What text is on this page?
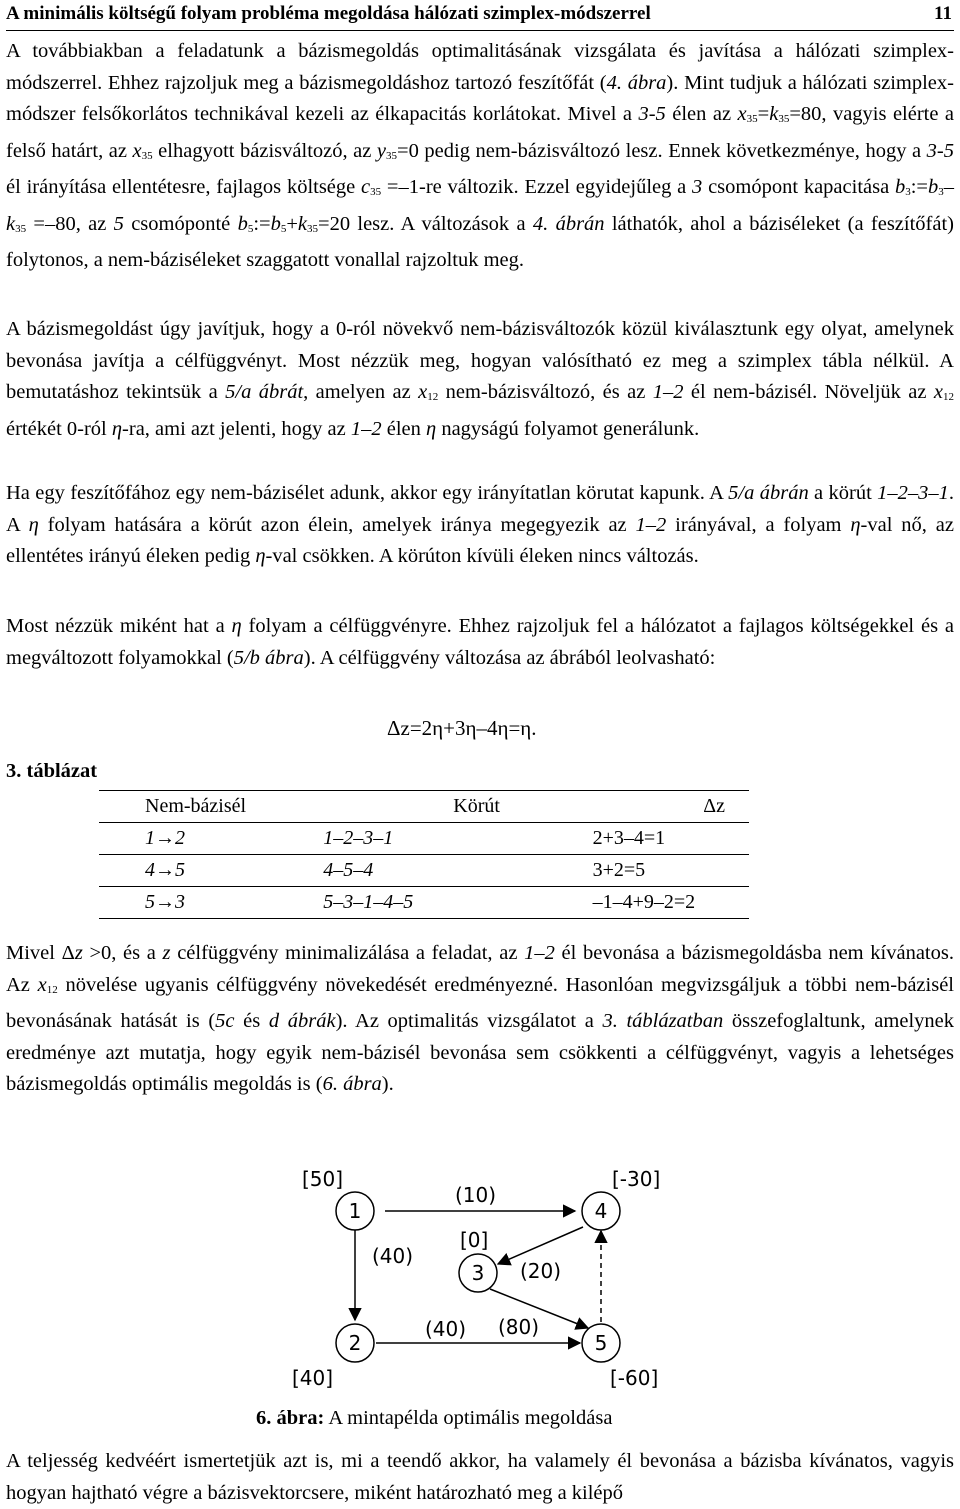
A minimális költségű folyam probléma megoldása hálózati szimplex-módszerrel	11

A továbbiakban a feladatunk a bázismegoldás optimalitásának vizsgálata és javítása a hálózati szimplex-módszerrel. Ehhez rajzoljuk meg a bázismegoldáshoz tartozó feszítőfát (4. ábra). Mint tudjuk a hálózati szimplex-módszer felsőkorlátos technikával kezeli az élkapacitás korlátokat. Mivel a 3-5 élen az $x_{35}=k_{35}=80$, vagyis elérte a felső határt, az $x_{35}$ elhagyott bázisváltozó, az $y_{35}=0$ pedig nem-bázisváltozó lesz. Ennek következménye, hogy a 3-5 él irányítása ellentétesre, fajlagos költsége $c_{35} =-1-re$ változik. Ezzel egyidejűleg a 3 csomópont kapacitása $b_3:=b_3-k_{35} =-80$, az 5 csomóponté $b_5:=b_5+k_{35}=20$ lesz. A változások a 4. ábrán láthatók, ahol a báziséleket (a feszítőfát) folytonos, a nem-báziséleket szaggatott vonallal rajzoltuk meg.

A bázismegoldást úgy javítjuk, hogy a 0-ról növekvő nem-bázisváltozók közül kiválasztunk egy olyat, amelynek bevonása javítja a célfüggvényt. Most nézzük meg, hogyan valósítható ez meg a szimplex tábla nélkül. A bemutatáshoz tekintsük a 5/a ábrát, amelyen az $x_{12}$ nem-bázisváltozó, és az 1–2 él nem-bázisél. Növeljük az $x_{12}$ értékét 0-ról η-ra, ami azt jelenti, hogy az 1–2 élen η nagyságú folyamot generálunk.

Ha egy feszítőfához egy nem-bázisélet adunk, akkor egy irányítatlan körutat kapunk. A 5/a ábrán a körút 1–2–3–1. A η folyam hatására a körút azon élein, amelyek iránya megegyezik az 1–2 irányával, a folyam η-val nő, az ellentétes irányú éleken pedig η-val csökken. A körúton kívüli éleken nincs változás.

Most nézzük miként hat a η folyam a célfüggvényre. Ehhez rajzoljuk fel a hálózatot a fajlagos költségekkel és a megváltozott folyamokkal (5/b ábra). A célfüggvény változása az ábrából leolvasható:

Δz=2η+3η–4η=η.
3. táblázat
Nem-bázisél	Körút	Δz
1→2	1–2–3–1	2+3–4=1
4→5	4–5–4	3+2=5
5→3	5–3–1–4–5	–1–4+9–2=2

Mivel Δz >0, és a z célfüggvény minimalizálása a feladat, az 1–2 él bevonása a bázismegoldásba nem kívánatos. Az $x_{12}$ növelése ugyanis célfüggvény növekedését eredményezné. Hasonlóan megvizsgáljuk a többi nem-bázisél bevonásának hatását is (5c és d ábrák). Az optimalitás vizsgálatot a 3. táblázatban összefoglaltunk, amelynek eredménye azt mutatja, hogy egyik nem-bázisél bevonása sem csökkenti a célfüggvényt, vagyis a lehetséges bázismegoldás optimális megoldás is (6. ábra).

1	4
3
2	5
[50]	[-30]
[0]
[40]	[-60]
(10)
(40)
(20)
(40) (80)
6. ábra: A mintapélda optimális megoldása

A teljesség kedvéért ismertetjük azt is, mi a teendő akkor, ha valamely él bevonása a bázisba kívánatos, vagyis hogyan hajtható végre a bázisvektorcsere, miként határozható meg a kilépő
